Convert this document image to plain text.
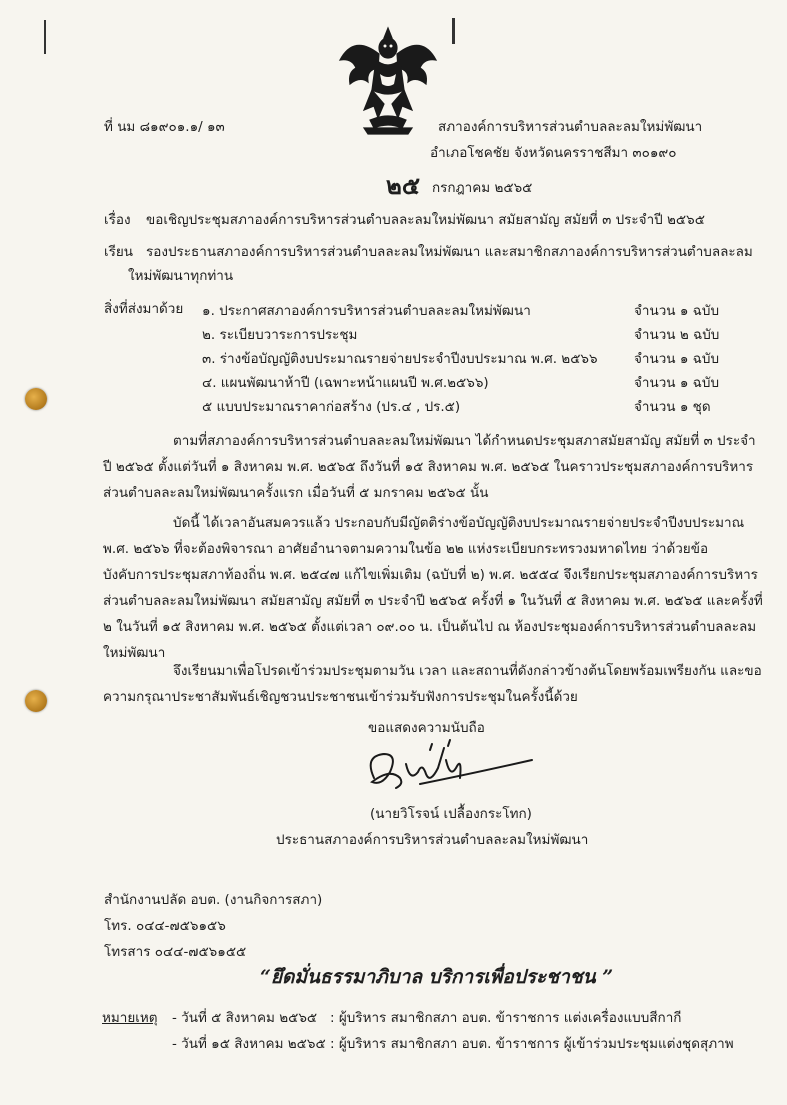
ที่ นม ๘๑๙๐๑.๑/ ๑๓	สภาองค์การบริหารส่วนตำบลละลมใหม่พัฒนา
อำเภอโชคชัย จังหวัดนครราชสีมา ๓๐๑๙๐
๒๕ กรกฎาคม ๒๕๖๕
เรื่อง ขอเชิญประชุมสภาองค์การบริหารส่วนตำบลละลมใหม่พัฒนา สมัยสามัญ สมัยที่ ๓ ประจำปี ๒๕๖๕
เรียน รองประธานสภาองค์การบริหารส่วนตำบลละลมใหม่พัฒนา และสมาชิกสภาองค์การบริหารส่วนตำบลละลม
ใหม่พัฒนาทุกท่าน
สิ่งที่ส่งมาด้วย ๑. ประกาศสภาองค์การบริหารส่วนตำบลละลมใหม่พัฒนา	จำนวน ๑ ฉบับ
๒. ระเบียบวาระการประชุม	จำนวน ๒ ฉบับ
๓. ร่างข้อบัญญัติงบประมาณรายจ่ายประจำปีงบประมาณ พ.ศ. ๒๕๖๖	จำนวน ๑ ฉบับ
๔. แผนพัฒนาห้าปี (เฉพาะหน้าแผนปี พ.ศ.๒๕๖๖)	จำนวน ๑ ฉบับ
๕ แบบประมาณราคาก่อสร้าง (ปร.๔ , ปร.๕)	จำนวน ๑ ชุด
ตามที่สภาองค์การบริหารส่วนตำบลละลมใหม่พัฒนา ได้กำหนดประชุมสภาสมัยสามัญ สมัยที่ ๓ ประจำปี ๒๕๖๕ ตั้งแต่วันที่ ๑ สิงหาคม พ.ศ. ๒๕๖๕ ถึงวันที่ ๑๕ สิงหาคม พ.ศ. ๒๕๖๕ ในคราวประชุมสภาองค์การบริหารส่วนตำบลละลมใหม่พัฒนาครั้งแรก เมื่อวันที่ ๕ มกราคม ๒๕๖๕ นั้น
บัดนี้ ได้เวลาอันสมควรแล้ว ประกอบกับมีญัตติร่างข้อบัญญัติงบประมาณรายจ่ายประจำปีงบประมาณ พ.ศ. ๒๕๖๖ ที่จะต้องพิจารณา อาศัยอำนาจตามความในข้อ ๒๒ แห่งระเบียบกระทรวงมหาดไทย ว่าด้วยข้อบังคับการประชุมสภาท้องถิ่น พ.ศ. ๒๕๔๗ แก้ไขเพิ่มเติม (ฉบับที่ ๒) พ.ศ. ๒๕๕๔ จึงเรียกประชุมสภาองค์การบริหารส่วนตำบลละลมใหม่พัฒนา สมัยสามัญ สมัยที่ ๓ ประจำปี ๒๕๖๕ ครั้งที่ ๑ ในวันที่ ๕ สิงหาคม พ.ศ. ๒๕๖๕ และครั้งที่ ๒ ในวันที่ ๑๕ สิงหาคม พ.ศ. ๒๕๖๕ ตั้งแต่เวลา ๐๙.๐๐ น. เป็นต้นไป ณ ห้องประชุมองค์การบริหารส่วนตำบลละลมใหม่พัฒนา
จึงเรียนมาเพื่อโปรดเข้าร่วมประชุมตามวัน เวลา และสถานที่ดังกล่าวข้างต้นโดยพร้อมเพรียงกัน และขอความกรุณาประชาสัมพันธ์เชิญชวนประชาชนเข้าร่วมรับฟังการประชุมในครั้งนี้ด้วย
ขอแสดงความนับถือ
(นายวิโรจน์ เปลื้องกระโทก)
ประธานสภาองค์การบริหารส่วนตำบลละลมใหม่พัฒนา
สำนักงานปลัด อบต. (งานกิจการสภา)
โทร. ๐๔๔-๗๕๖๑๕๖
โทรสาร ๐๔๔-๗๕๖๑๕๕
“ยึดมั่นธรรมาภิบาล บริการเพื่อประชาชน ”
หมายเหตุ - วันที่ ๕ สิงหาคม ๒๕๖๕ : ผู้บริหาร สมาชิกสภา อบต. ข้าราชการ แต่งเครื่องแบบสีกากี
- วันที่ ๑๕ สิงหาคม ๒๕๖๕ : ผู้บริหาร สมาชิกสภา อบต. ข้าราชการ ผู้เข้าร่วมประชุมแต่งชุดสุภาพ
